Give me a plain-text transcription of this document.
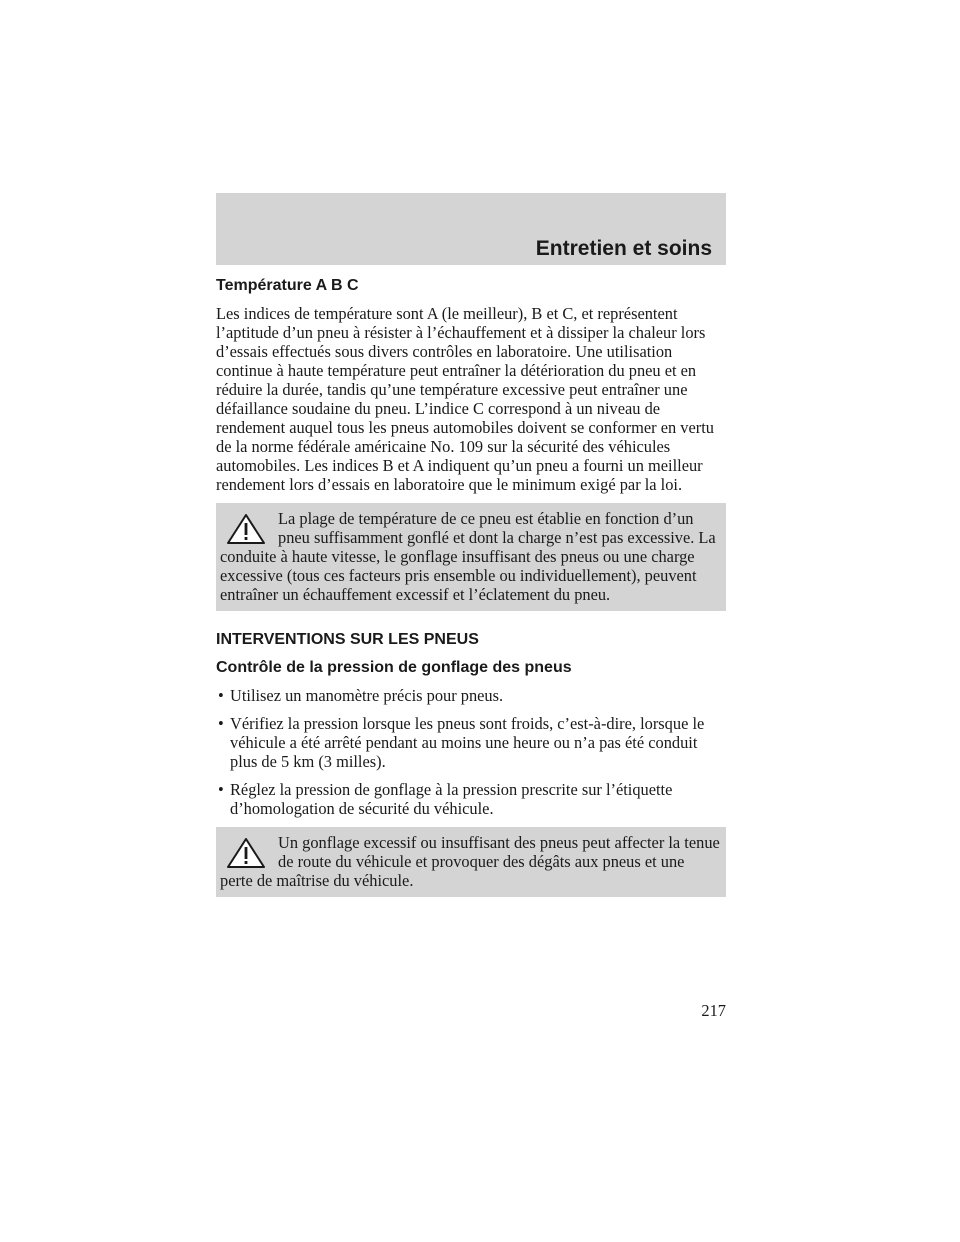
Entretien et soins
Température A B C

Les indices de température sont A (le meilleur), B et C, et représentent l’aptitude d’un pneu à résister à l’échauffement et à dissiper la chaleur lors d’essais effectués sous divers contrôles en laboratoire. Une utilisation continue à haute température peut entraîner la détérioration du pneu et en réduire la durée, tandis qu’une température excessive peut entraîner une défaillance soudaine du pneu. L’indice C correspond à un niveau de rendement auquel tous les pneus automobiles doivent se conformer en vertu de la norme fédérale américaine No. 109 sur la sécurité des véhicules automobiles. Les indices B et A indiquent qu’un pneu a fourni un meilleur rendement lors d’essais en laboratoire que le minimum exigé par la loi.

La plage de température de ce pneu est établie en fonction d’un pneu suffisamment gonflé et dont la charge n’est pas excessive. La conduite à haute vitesse, le gonflage insuffisant des pneus ou une charge excessive (tous ces facteurs pris ensemble ou individuellement), peuvent entraîner un échauffement excessif et l’éclatement du pneu.
INTERVENTIONS SUR LES PNEUS
Contrôle de la pression de gonflage des pneus
• Utilisez un manomètre précis pour pneus.
• Vérifiez la pression lorsque les pneus sont froids, c’est-à-dire, lorsque le véhicule a été arrêté pendant au moins une heure ou n’a pas été conduit plus de 5 km (3 milles).
• Réglez la pression de gonflage à la pression prescrite sur l’étiquette d’homologation de sécurité du véhicule.
Un gonflage excessif ou insuffisant des pneus peut affecter la tenue de route du véhicule et provoquer des dégâts aux pneus et une perte de maîtrise du véhicule.
217
